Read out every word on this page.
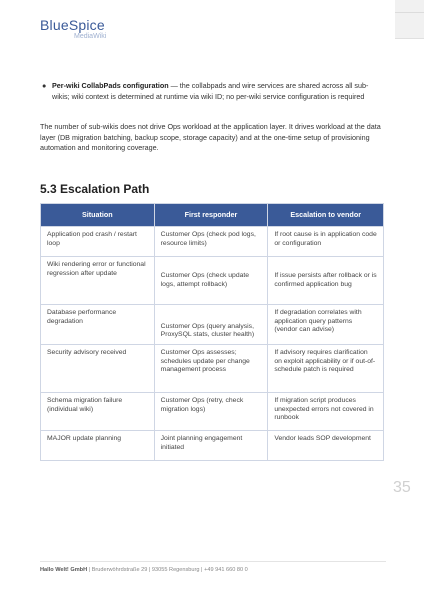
BlueSpice
MediaWiki
● Per-wiki CollabPads configuration — the collabpads and wire services are shared across all sub-wikis; wiki context is determined at runtime via wiki ID; no per-wiki service configuration is required
The number of sub-wikis does not drive Ops workload at the application layer. It drives workload at the data layer (DB migration batching, backup scope, storage capacity) and at the one-time setup of provisioning automation and monitoring coverage.
5.3 Escalation Path
Situation	First responder	Escalation to vendor
Application pod crash / restart loop	Customer Ops (check pod logs, resource limits)	If root cause is in application code or configuration
Wiki rendering error or functional regression after update	Customer Ops (check update logs, attempt rollback)	If issue persists after rollback or is confirmed application bug
Database performance degradation	Customer Ops (query analysis, ProxySQL stats, cluster health)	If degradation correlates with application query patterns (vendor can advise)
Security advisory received	Customer Ops assesses; schedules update per change management process	If advisory requires clarification on exploit applicability or if out-of-schedule patch is required
Schema migration failure (individual wiki)	Customer Ops (retry, check migration logs)	If migration script produces unexpected errors not covered in runbook
MAJOR update planning	Joint planning engagement initiated	Vendor leads SOP development
35
Hallo Welt! GmbH | Bruderwöhrdstraße 29 | 93055 Regensburg | +49 941 660 80 0
